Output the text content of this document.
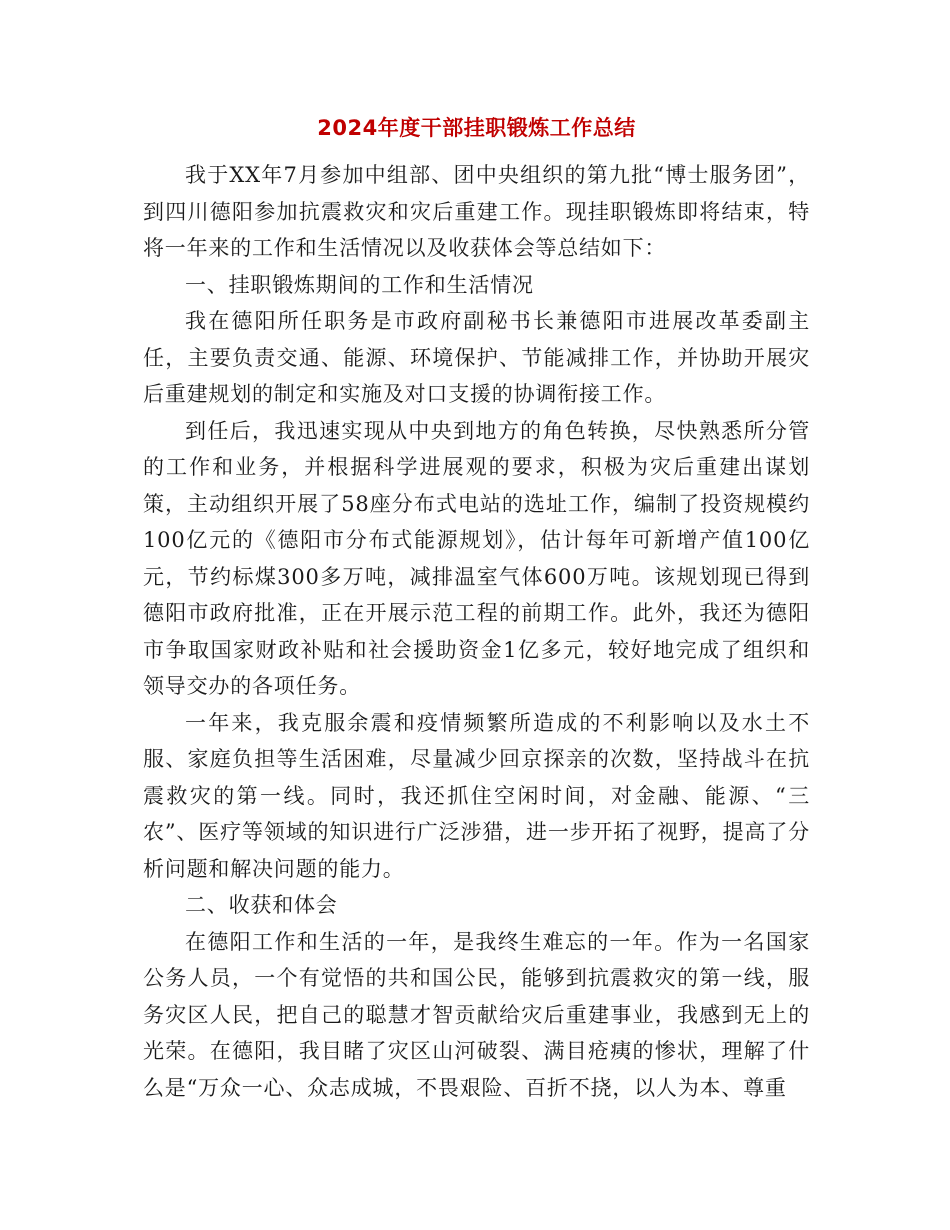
2024年度干部挂职锻炼工作总结

我于XX年7月参加中组部、团中央组织的第九批“博士服务团”，到四川德阳参加抗震救灾和灾后重建工作。现挂职锻炼即将结束，特将一年来的工作和生活情况以及收获体会等总结如下：

一、挂职锻炼期间的工作和生活情况

我在德阳所任职务是市政府副秘书长兼德阳市进展改革委副主任，主要负责交通、能源、环境保护、节能减排工作，并协助开展灾后重建规划的制定和实施及对口支援的协调衔接工作。

到任后，我迅速实现从中央到地方的角色转换，尽快熟悉所分管的工作和业务，并根据科学进展观的要求，积极为灾后重建出谋划策，主动组织开展了58座分布式电站的选址工作，编制了投资规模约100亿元的《德阳市分布式能源规划》，估计每年可新增产值100亿元，节约标煤300多万吨，减排温室气体600万吨。该规划现已得到德阳市政府批准，正在开展示范工程的前期工作。此外，我还为德阳市争取国家财政补贴和社会援助资金1亿多元，较好地完成了组织和领导交办的各项任务。

一年来，我克服余震和疫情频繁所造成的不利影响以及水土不服、家庭负担等生活困难，尽量减少回京探亲的次数，坚持战斗在抗震救灾的第一线。同时，我还抓住空闲时间，对金融、能源、“三农”、医疗等领域的知识进行广泛涉猎，进一步开拓了视野，提高了分析问题和解决问题的能力。

二、收获和体会

在德阳工作和生活的一年，是我终生难忘的一年。作为一名国家公务人员，一个有觉悟的共和国公民，能够到抗震救灾的第一线，服务灾区人民，把自己的聪慧才智贡献给灾后重建事业，我感到无上的光荣。在德阳，我目睹了灾区山河破裂、满目疮痍的惨状，理解了什么是“万众一心、众志成城，不畏艰险、百折不挠，以人为本、尊重
